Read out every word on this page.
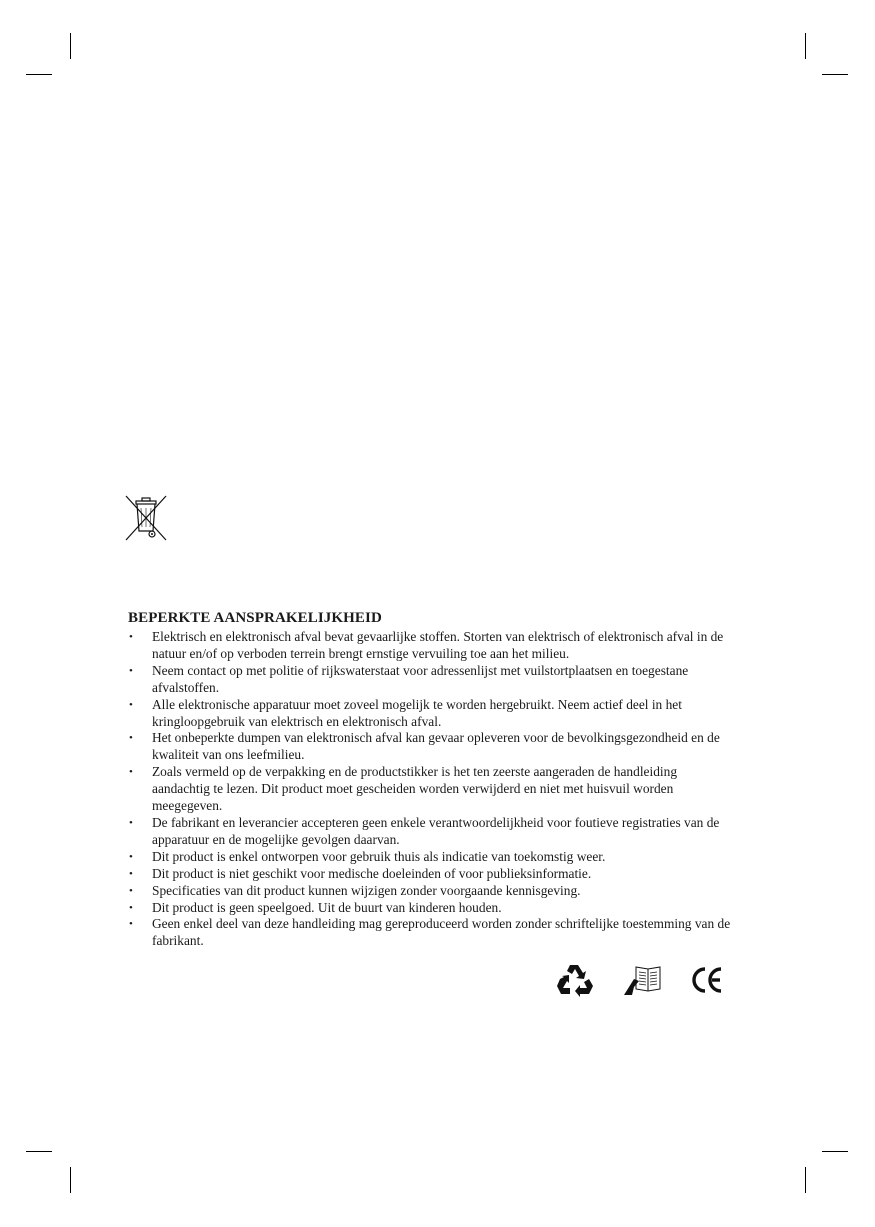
BEPERKTE AANSPRAKELIJKHEID
• Elektrisch en elektronisch afval bevat gevaarlijke stoffen. Storten van elektrisch of elektronisch afval in de natuur en/of op verboden terrein brengt ernstige vervuiling toe aan het milieu.
• Neem contact op met politie of rijkswaterstaat voor adressenlijst met vuilstortplaatsen en toegestane afvalstoffen.
• Alle elektronische apparatuur moet zoveel mogelijk te worden hergebruikt. Neem actief deel in het kringloopgebruik van elektrisch en elektronisch afval.
• Het onbeperkte dumpen van elektronisch afval kan gevaar opleveren voor de bevolkingsgezondheid en de kwaliteit van ons leefmilieu.
• Zoals vermeld op de verpakking en de productstikker is het ten zeerste aangeraden de handleiding aandachtig te lezen. Dit product moet gescheiden worden verwijderd en niet met huisvuil worden meegegeven.
• De fabrikant en leverancier accepteren geen enkele verantwoordelijkheid voor foutieve registraties van de apparatuur en de mogelijke gevolgen daarvan.
• Dit product is enkel ontworpen voor gebruik thuis als indicatie van toekomstig weer.
• Dit product is niet geschikt voor medische doeleinden of voor publieksinformatie.
• Specificaties van dit product kunnen wijzigen zonder voorgaande kennisgeving.
• Dit product is geen speelgoed. Uit de buurt van kinderen houden.
• Geen enkel deel van deze handleiding mag gereproduceerd worden zonder schriftelijke toestemming van de fabrikant.
